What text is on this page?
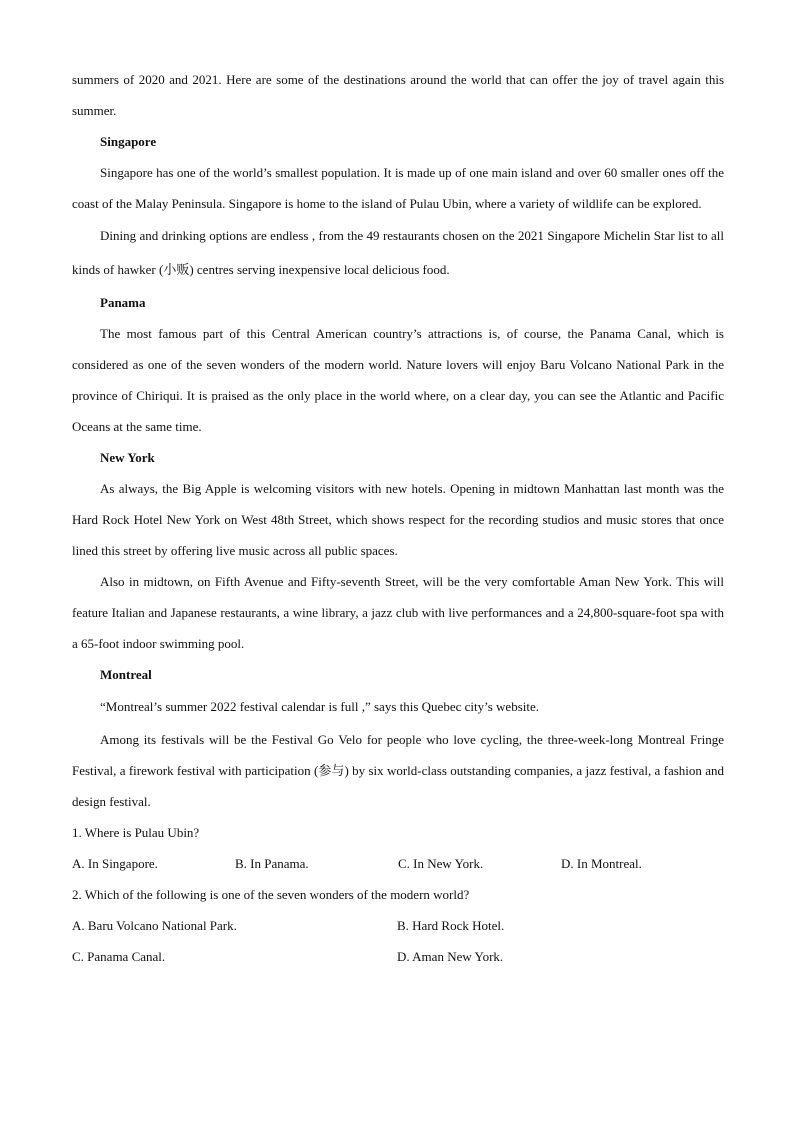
summers of 2020 and 2021. Here are some of the destinations around the world that can offer the joy of travel again this summer.

Singapore

Singapore has one of the world’s smallest population. It is made up of one main island and over 60 smaller ones off the coast of the Malay Peninsula. Singapore is home to the island of Pulau Ubin, where a variety of wildlife can be explored.

Dining and drinking options are endless , from the 49 restaurants chosen on the 2021 Singapore Michelin Star list to all kinds of hawker (小贩) centres serving inexpensive local delicious food.

Panama

The most famous part of this Central American country’s attractions is, of course, the Panama Canal, which is considered as one of the seven wonders of the modern world. Nature lovers will enjoy Baru Volcano National Park in the province of Chiriqui. It is praised as the only place in the world where, on a clear day, you can see the Atlantic and Pacific Oceans at the same time.

New York

As always, the Big Apple is welcoming visitors with new hotels. Opening in midtown Manhattan last month was the Hard Rock Hotel New York on West 48th Street, which shows respect for the recording studios and music stores that once lined this street by offering live music across all public spaces.

Also in midtown, on Fifth Avenue and Fifty-seventh Street, will be the very comfortable Aman New York. This will feature Italian and Japanese restaurants, a wine library, a jazz club with live performances and a 24,800-square-foot spa with a 65-foot indoor swimming pool.

Montreal

“Montreal’s summer 2022 festival calendar is full ,” says this Quebec city’s website.

Among its festivals will be the Festival Go Velo for people who love cycling, the three-week-long Montreal Fringe Festival, a firework festival with participation (参与) by six world-class outstanding companies, a jazz festival, a fashion and design festival.

1. Where is Pulau Ubin?
A. In Singapore.	B. In Panama.	C. In New York.	D. In Montreal.
2. Which of the following is one of the seven wonders of the modern world?
A. Baru Volcano National Park.	B. Hard Rock Hotel.
C. Panama Canal.	D. Aman New York.
